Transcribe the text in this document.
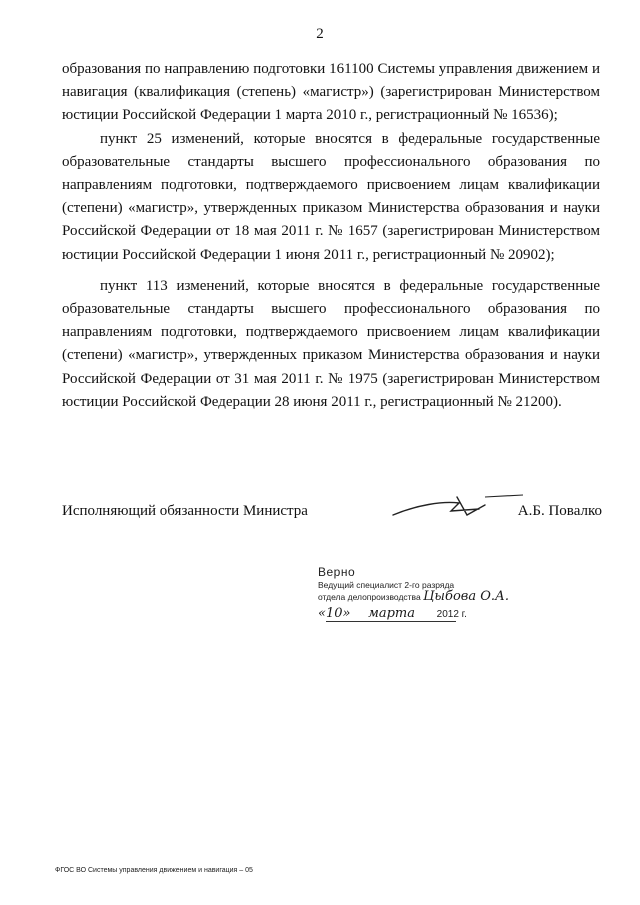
2

образования по направлению подготовки 161100 Системы управления движением и навигация (квалификация (степень) «магистр») (зарегистрирован Министерством юстиции Российской Федерации 1 марта 2010 г., регистрационный № 16536);

пункт 25 изменений, которые вносятся в федеральные государственные образовательные стандарты высшего профессионального образования по направлениям подготовки, подтверждаемого присвоением лицам квалификации (степени) «магистр», утвержденных приказом Министерства образования и науки Российской Федерации от 18 мая 2011 г. № 1657 (зарегистрирован Министерством юстиции Российской Федерации 1 июня 2011 г., регистрационный № 20902);

пункт 113 изменений, которые вносятся в федеральные государственные образовательные стандарты высшего профессионального образования по направлениям подготовки, подтверждаемого присвоением лицам квалификации (степени) «магистр», утвержденных приказом Министерства образования и науки Российской Федерации от 31 мая 2011 г. № 1975 (зарегистрирован Министерством юстиции Российской Федерации 28 июня 2011 г., регистрационный № 21200).

Исполняющий обязанности Министра	А.Б. Повалко
Верно
Ведущий специалист 2-го разряда
отдела делопроизводства Цыбова О.А.
«10» марта 2012 г.
ФГОС ВО Системы управления движением и навигация – 05
